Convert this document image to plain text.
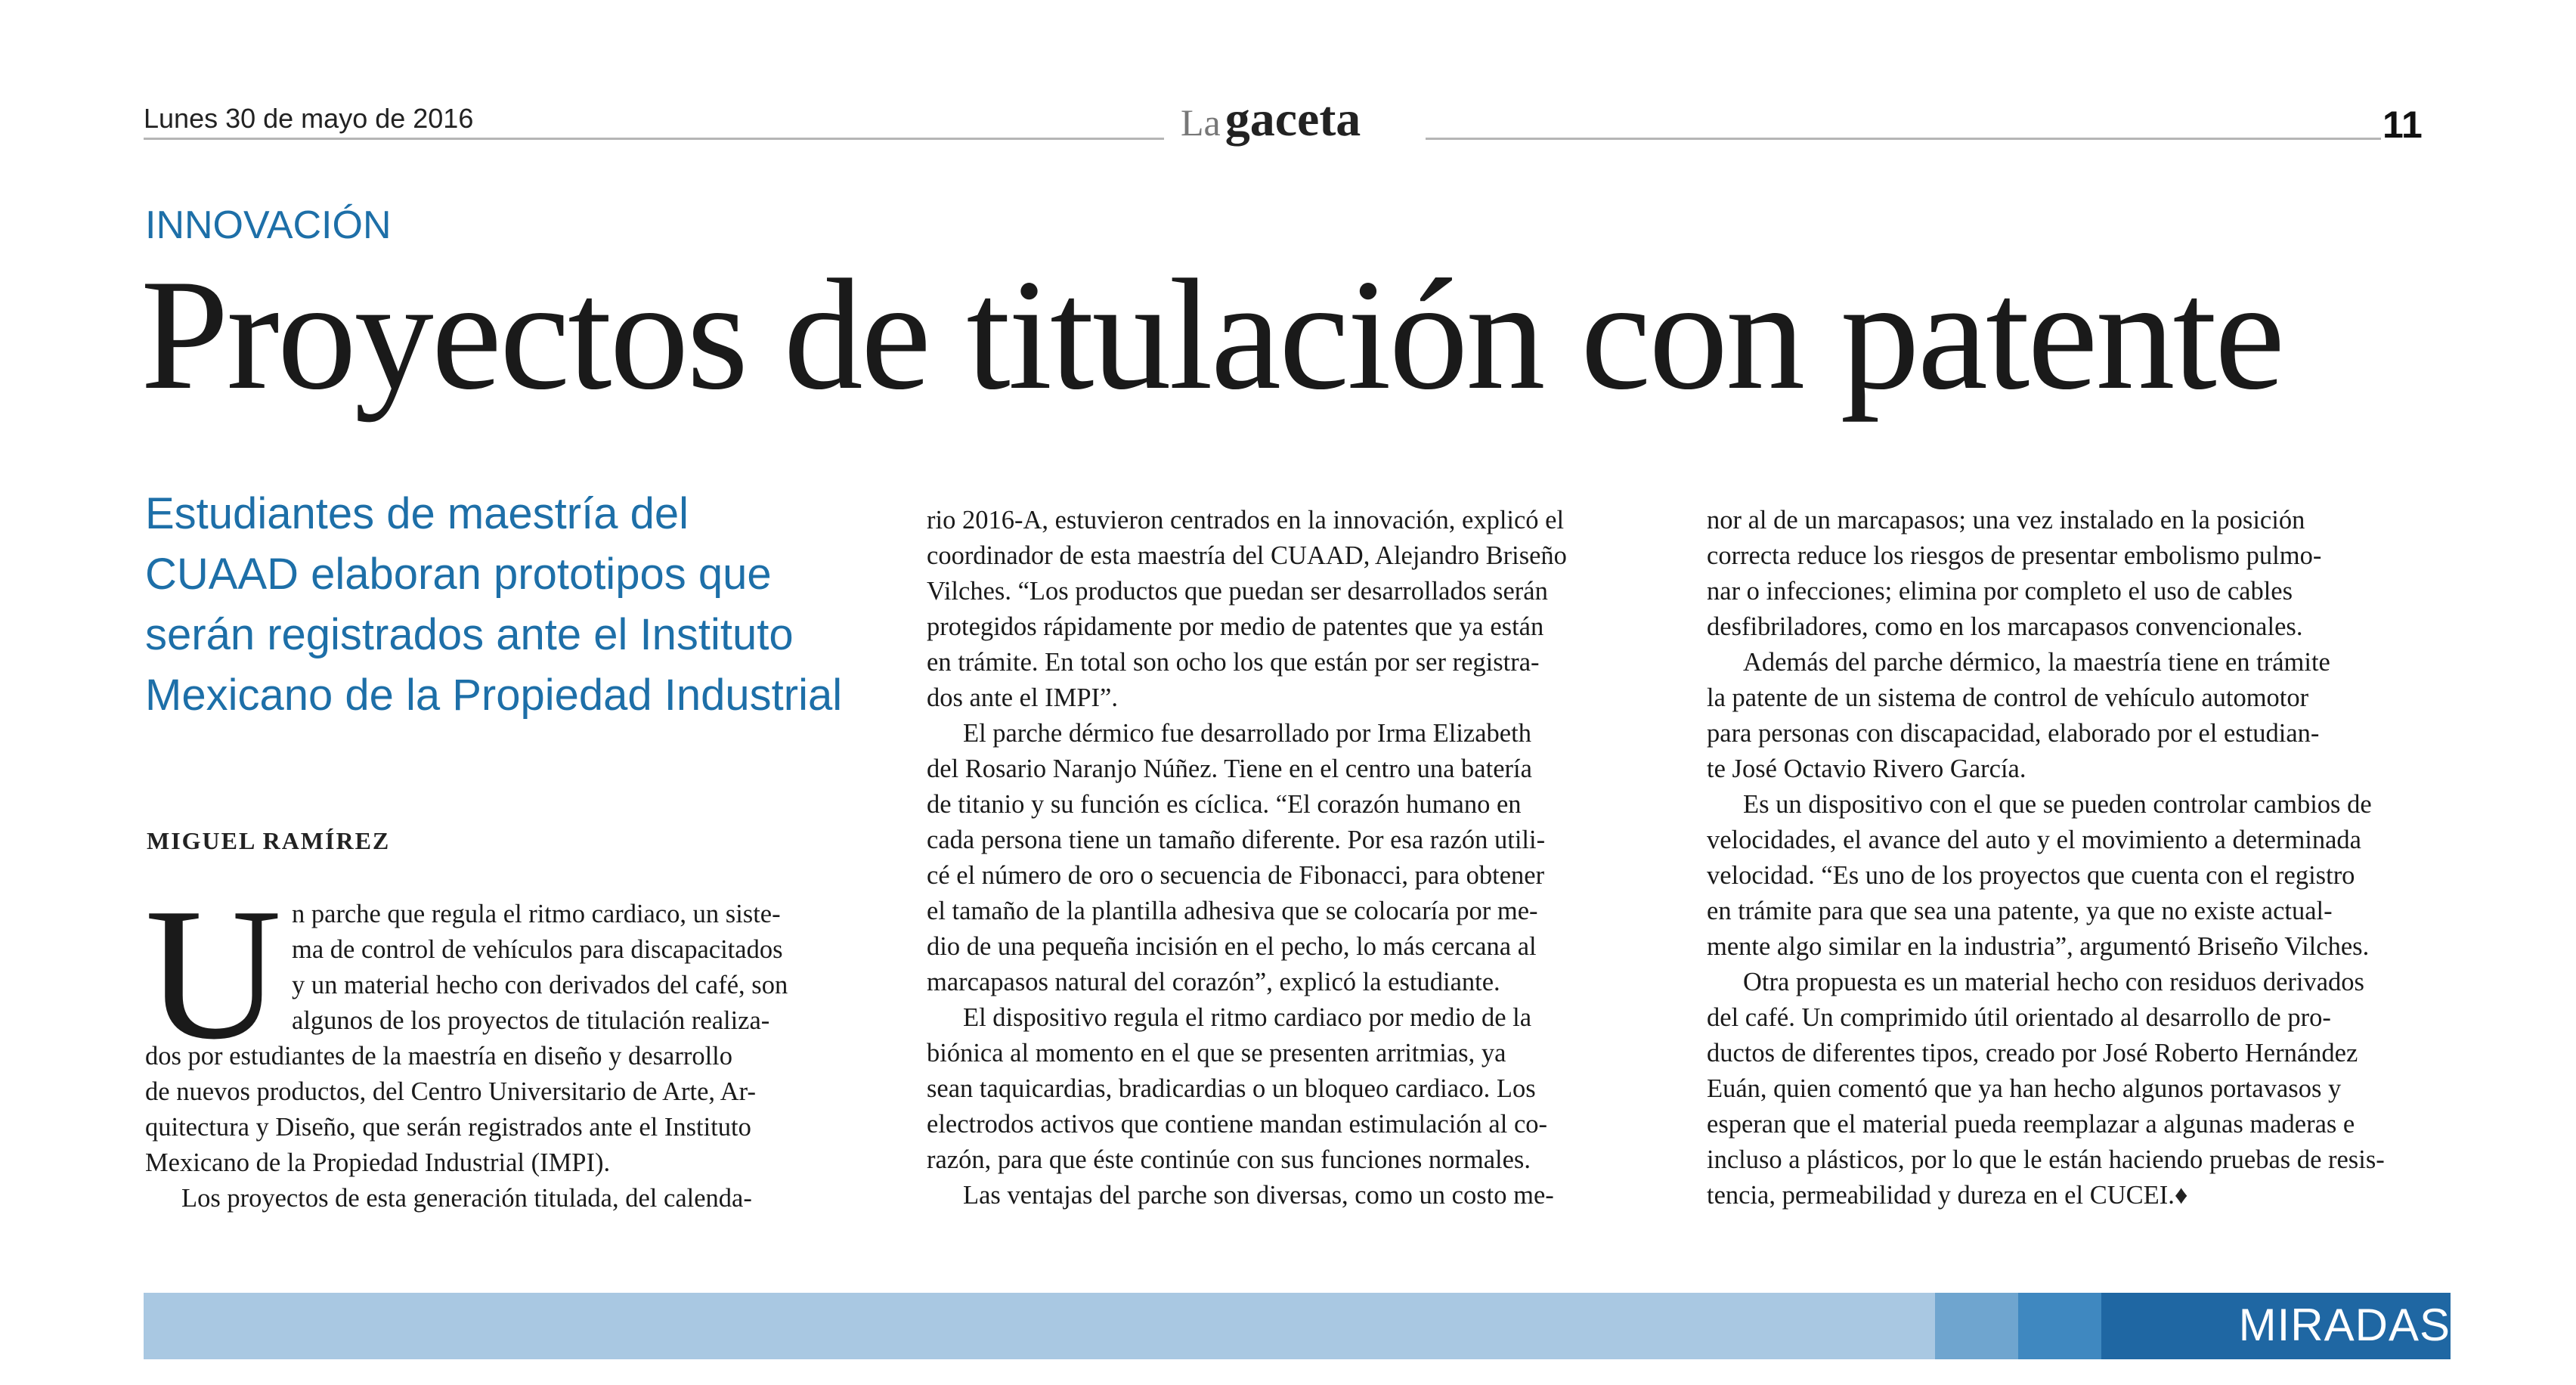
Lunes 30 de mayo de 2016	Lagaceta	11
INNOVACIÓN
Proyectos de titulación con patente
Estudiantes de maestría del
CUAAD elaboran prototipos que
serán registrados ante el Instituto
Mexicano de la Propiedad Industrial
MIGUEL RAMÍREZ
U n parche que regula el ritmo cardiaco, un siste-
ma de control de vehículos para discapacitados
y un material hecho con derivados del café, son
algunos de los proyectos de titulación realiza-
dos por estudiantes de la maestría en diseño y desarrollo
de nuevos productos, del Centro Universitario de Arte, Ar-
quitectura y Diseño, que serán registrados ante el Instituto
Mexicano de la Propiedad Industrial (IMPI).
Los proyectos de esta generación titulada, del calenda-
rio 2016-A, estuvieron centrados en la innovación, explicó el
coordinador de esta maestría del CUAAD, Alejandro Briseño
Vilches. “Los productos que puedan ser desarrollados serán
protegidos rápidamente por medio de patentes que ya están
en trámite. En total son ocho los que están por ser registra-
dos ante el IMPI”.
El parche dérmico fue desarrollado por Irma Elizabeth
del Rosario Naranjo Núñez. Tiene en el centro una batería
de titanio y su función es cíclica. “El corazón humano en
cada persona tiene un tamaño diferente. Por esa razón utili-
cé el número de oro o secuencia de Fibonacci, para obtener
el tamaño de la plantilla adhesiva que se colocaría por me-
dio de una pequeña incisión en el pecho, lo más cercana al
marcapasos natural del corazón”, explicó la estudiante.
El dispositivo regula el ritmo cardiaco por medio de la
biónica al momento en el que se presenten arritmias, ya
sean taquicardias, bradicardias o un bloqueo cardiaco. Los
electrodos activos que contiene mandan estimulación al co-
razón, para que éste continúe con sus funciones normales.
Las ventajas del parche son diversas, como un costo me-
nor al de un marcapasos; una vez instalado en la posición
correcta reduce los riesgos de presentar embolismo pulmo-
nar o infecciones; elimina por completo el uso de cables
desfibriladores, como en los marcapasos convencionales.
Además del parche dérmico, la maestría tiene en trámite
la patente de un sistema de control de vehículo automotor
para personas con discapacidad, elaborado por el estudian-
te José Octavio Rivero García.
Es un dispositivo con el que se pueden controlar cambios de
velocidades, el avance del auto y el movimiento a determinada
velocidad. “Es uno de los proyectos que cuenta con el registro
en trámite para que sea una patente, ya que no existe actual-
mente algo similar en la industria”, argumentó Briseño Vilches.
Otra propuesta es un material hecho con residuos derivados
del café. Un comprimido útil orientado al desarrollo de pro-
ductos de diferentes tipos, creado por José Roberto Hernández
Euán, quien comentó que ya han hecho algunos portavasos y
esperan que el material pueda reemplazar a algunas maderas e
incluso a plásticos, por lo que le están haciendo pruebas de resis-
tencia, permeabilidad y dureza en el CUCEI.♦
MIRADAS
